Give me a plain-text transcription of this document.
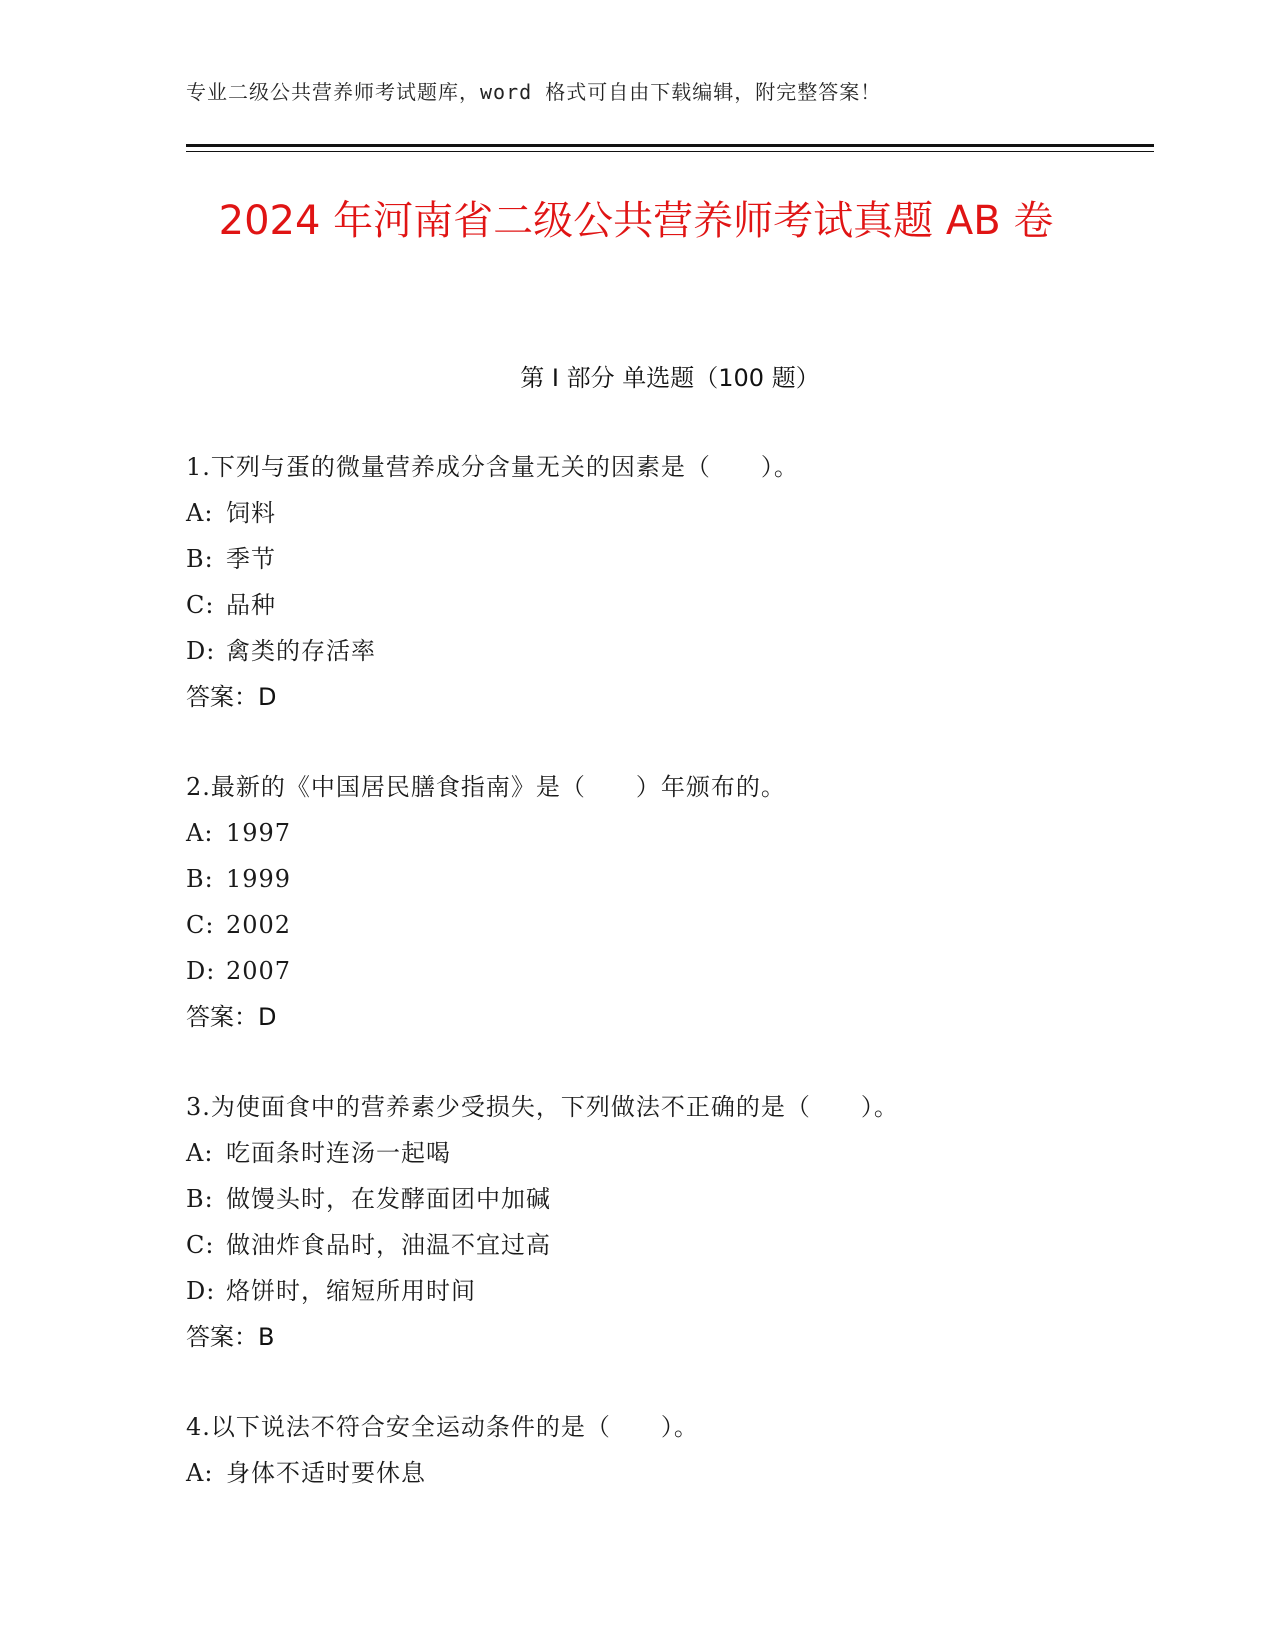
专业二级公共营养师考试题库，word 格式可自由下载编辑，附完整答案！
2024 年河南省二级公共营养师考试真题 AB 卷
第 I 部分 单选题（100 题）
1.下列与蛋的微量营养成分含量无关的因素是（　　）。
A: 饲料
B: 季节
C: 品种
D: 禽类的存活率
答案：D
2.最新的《中国居民膳食指南》是（　　）年颁布的。
A: 1997
B: 1999
C: 2002
D: 2007
答案：D
3.为使面食中的营养素少受损失，下列做法不正确的是（　　）。
A: 吃面条时连汤一起喝
B: 做馒头时，在发酵面团中加碱
C: 做油炸食品时，油温不宜过高
D: 烙饼时，缩短所用时间
答案：B
4.以下说法不符合安全运动条件的是（　　）。
A: 身体不适时要休息
